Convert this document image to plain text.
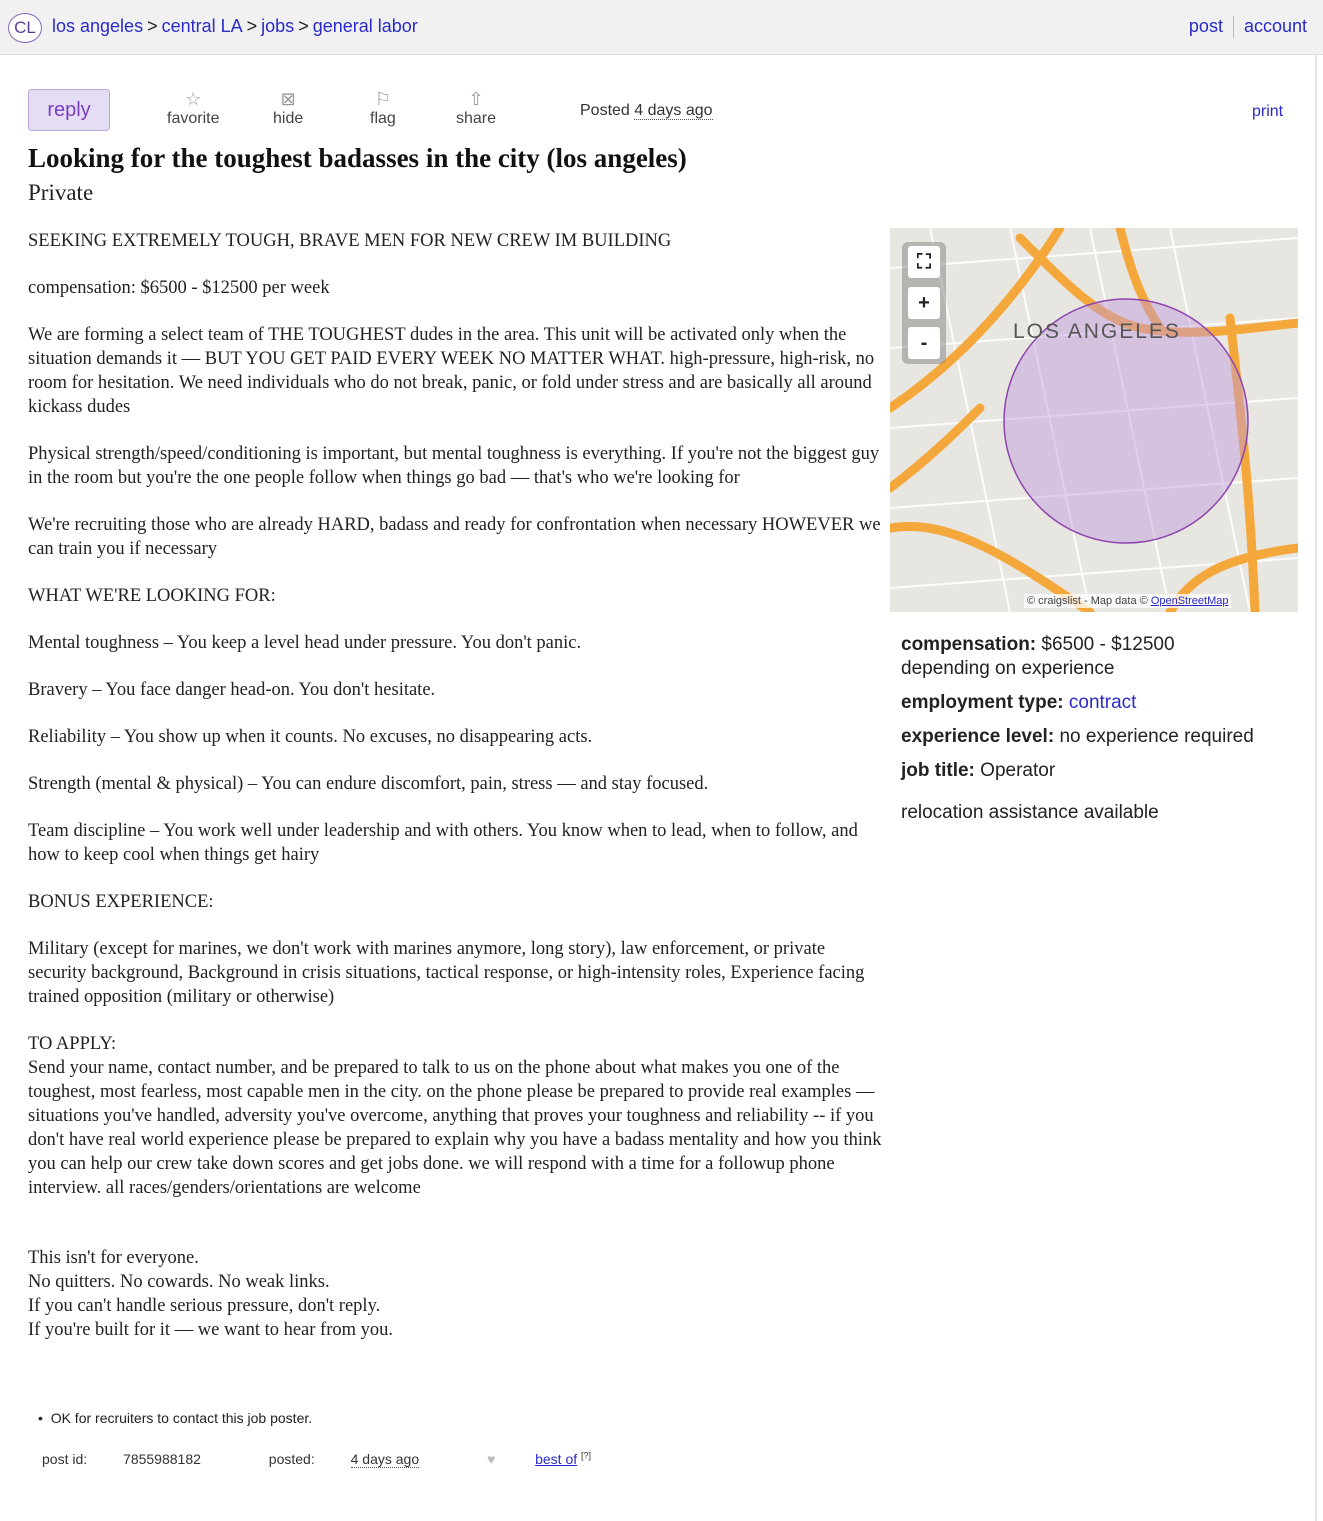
CL los angeles > central LA > jobs > general labor	post account
reply	☆
favorite
⊠
hide
⚐
flag
⇧
share	Posted 4 days ago	print
Looking for the toughest badasses in the city (los angeles)
Private

SEEKING EXTREMELY TOUGH, BRAVE MEN FOR NEW CREW IM BUILDING

compensation: $6500 - $12500 per week

We are forming a select team of THE TOUGHEST dudes in the area. This unit will be activated only when the situation demands it — BUT YOU GET PAID EVERY WEEK NO MATTER WHAT. high-pressure, high-risk, no room for hesitation. We need individuals who do not break, panic, or fold under stress and are basically all around kickass dudes

Physical strength/speed/conditioning is important, but mental toughness is everything. If you're not the biggest guy in the room but you're the one people follow when things go bad — that's who we're looking for

We're recruiting those who are already HARD, badass and ready for confrontation when necessary HOWEVER we can train you if necessary

WHAT WE'RE LOOKING FOR:

Mental toughness – You keep a level head under pressure. You don't panic.

Bravery – You face danger head-on. You don't hesitate.

Reliability – You show up when it counts. No excuses, no disappearing acts.

Strength (mental & physical) – You can endure discomfort, pain, stress — and stay focused.

Team discipline – You work well under leadership and with others. You know when to lead, when to follow, and how to keep cool when things get hairy

BONUS EXPERIENCE:

Military (except for marines, we don't work with marines anymore, long story), law enforcement, or private security background, Background in crisis situations, tactical response, or high-intensity roles, Experience facing trained opposition (military or otherwise)

TO APPLY:

Send your name, contact number, and be prepared to talk to us on the phone about what makes you one of the toughest, most fearless, most capable men in the city. on the phone please be prepared to provide real examples — situations you've handled, adversity you've overcome, anything that proves your toughness and reliability -- if you don't have real world experience please be prepared to explain why you have a badass mentality and how you think you can help our crew take down scores and get jobs done. we will respond with a time for a followup phone interview. all races/genders/orientations are welcome

This isn't for everyone.

No quitters. No cowards. No weak links.

If you can't handle serious pressure, don't reply.

If you're built for it — we want to hear from you.

⛶
+
-	LOS ANGELES
© craigslist - Map data © OpenStreetMap
compensation: $6500 - $12500
depending on experience
employment type: contract
experience level: no experience required
job title: Operator
relocation assistance available
•  OK for recruiters to contact this job poster.
post id:	7855988182	posted:	4 days ago	♥	best of [?]
